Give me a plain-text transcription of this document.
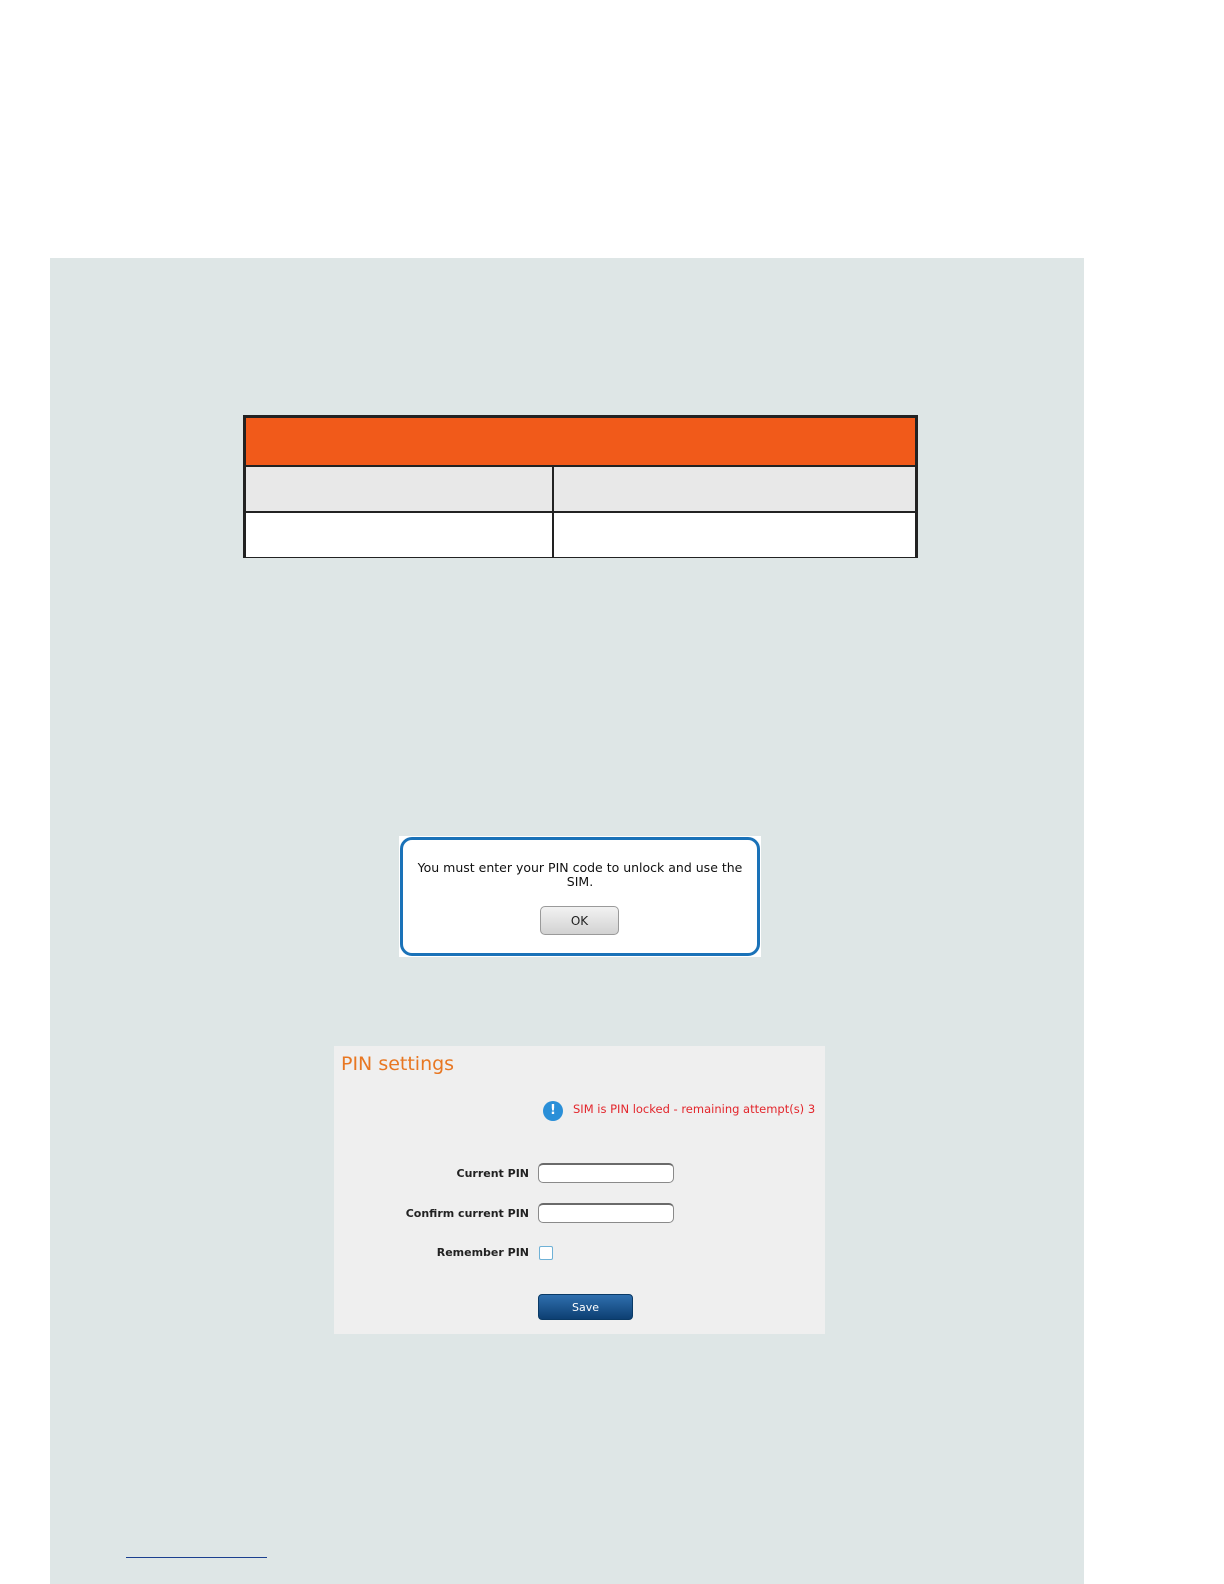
You must enter your PIN code to unlock and use the SIM.
OK
PIN settings
!	SIM is PIN locked - remaining attempt(s) 3
Current PIN
Confirm current PIN
Remember PIN
Save
